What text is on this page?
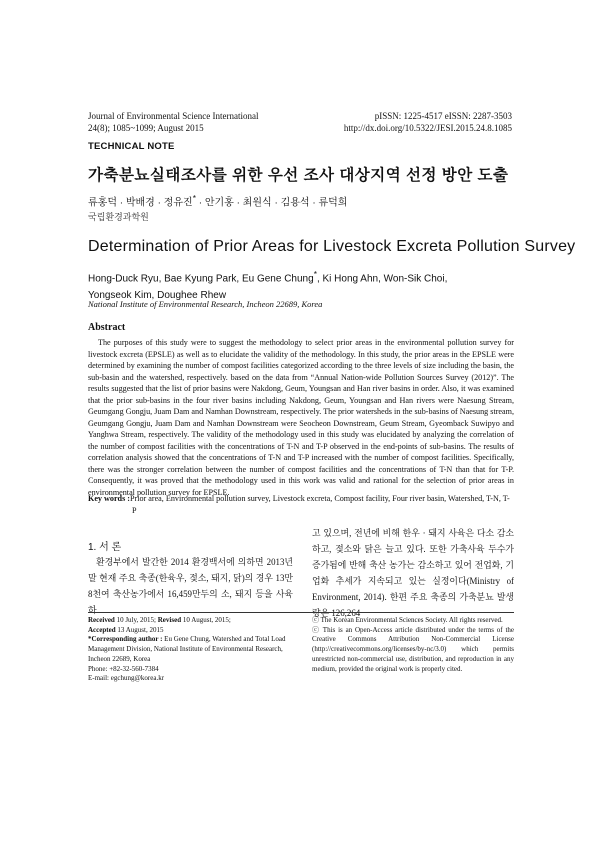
Journal of Environmental Science International
24(8); 1085~1099; August 2015
pISSN: 1225-4517 eISSN: 2287-3503
http://dx.doi.org/10.5322/JESI.2015.24.8.1085
TECHNICAL NOTE
가축분뇨실태조사를 위한 우선 조사 대상지역 선정 방안 도출
류홍덕 · 박배경 · 정유진* · 안기홍 · 최원식 · 김용석 · 류덕희
국립환경과학원
Determination of Prior Areas for Livestock Excreta Pollution Survey
Hong-Duck Ryu, Bae Kyung Park, Eu Gene Chung*, Ki Hong Ahn, Won-Sik Choi,
Yongseok Kim, Doughee Rhew
National Institute of Environmental Research, Incheon 22689, Korea
Abstract
The purposes of this study were to suggest the methodology to select prior areas in the environmental pollution survey for livestock excreta (EPSLE) as well as to elucidate the validity of the methodology. In this study, the prior areas in the EPSLE were determined by examining the number of compost facilities categorized according to the three levels of size including the basin, the sub-basin and the watershed, respectively. based on the data from “Annual Nation-wide Pollution Sources Survey (2012)”. The results suggested that the list of prior basins were Nakdong, Geum, Youngsan and Han river basins in order. Also, it was examined that the prior sub-basins in the four river basins including Nakdong, Geum, Youngsan and Han rivers were Naesung Stream, Geumgang Gongju, Juam Dam and Namhan Downstream, respectively. The prior watersheds in the sub-basins of Naesung stream, Geumgang Gongju, Juam Dam and Namhan Downstream were Seocheon Downstream, Geum Stream, Gyeomback Suwipyo and Yanghwa Stream, respectively. The validity of the methodology used in this study was elucidated by analyzing the correlation of the number of compost facilities with the concentrations of T-N and T-P observed in the end-points of sub-basins. The results of correlation analysis showed that the concentrations of T-N and T-P increased with the number of compost facilities. Specifically, there was the stronger correlation between the number of compost facilities and the concentrations of T-N than that for T-P. Consequently, it was proved that the methodology used in this work was valid and rational for the selection of prior areas in environmental pollution survey for EPSLE.
Key words : Prior area, Environmental pollution survey, Livestock excreta, Compost facility, Four river basin, Watershed, T-N, T-P
1. 서 론
환경부에서 발간한 2014 환경백서에 의하면 2013년 말 현재 주요 축종(한육우, 젖소, 돼지, 닭)의 경우 13만8천여 축산농가에서 16,459만두의 소, 돼지 등을 사육하
고 있으며, 전년에 비해 한우 · 돼지 사육은 다소 감소하고, 젖소와 닭은 늘고 있다. 또한 가축사육 두수가 증가됨에 반해 축산 농가는 감소하고 있어 전업화, 기업화 추세가 지속되고 있는 실정이다(Ministry of Environment, 2014). 한편 주요 축종의 가축분뇨 발생량은 126,264
Received 10 July, 2015; Revised 10 August, 2015;
Accepted 13 August, 2015
*Corresponding author : Eu Gene Chung, Watershed and Total Load Management Division, National Institute of Environmental Research, Incheon 22689, Korea
Phone: +82-32-560-7384
E-mail: egchung@korea.kr
ⓒ The Korean Environmental Sciences Society. All rights reserved.
ⓒ This is an Open-Access article distributed under the terms of the Creative Commons Attribution Non-Commercial License (http://creativecommons.org/licenses/by-nc/3.0) which permits unrestricted non-commercial use, distribution, and reproduction in any medium, provided the original work is properly cited.
